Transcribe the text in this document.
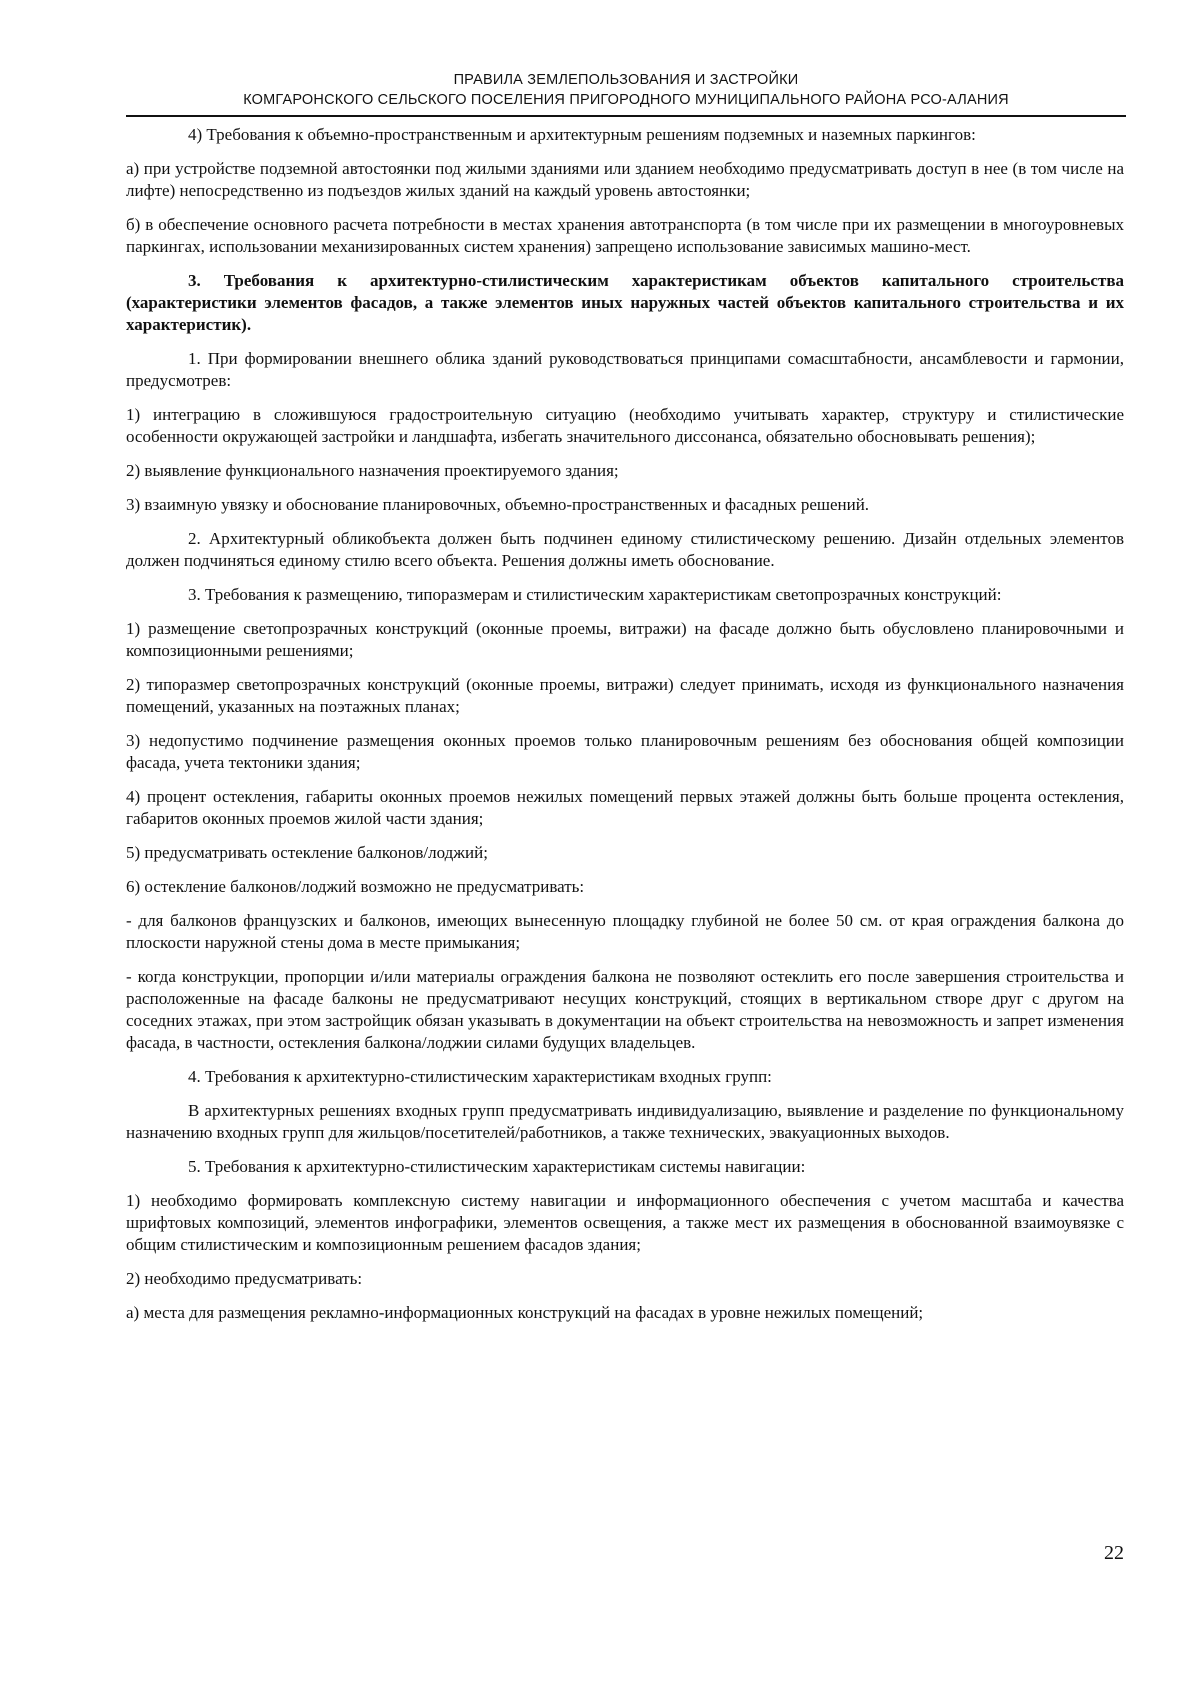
ПРАВИЛА ЗЕМЛЕПОЛЬЗОВАНИЯ И ЗАСТРОЙКИ
КОМГАРОНСКОГО СЕЛЬСКОГО ПОСЕЛЕНИЯ ПРИГОРОДНОГО МУНИЦИПАЛЬНОГО РАЙОНА РСО-АЛАНИЯ

4) Требования к объемно-пространственным и архитектурным решениям подземных и наземных паркингов:

а) при устройстве подземной автостоянки под жилыми зданиями или зданием необходимо предусматривать доступ в нее (в том числе на лифте) непосредственно из подъездов жилых зданий на каждый уровень автостоянки;

б) в обеспечение основного расчета потребности в местах хранения автотранспорта (в том числе при их размещении в многоуровневых паркингах, использовании механизированных систем хранения) запрещено использование зависимых машино-мест.

3. Требования к архитектурно-стилистическим характеристикам объектов капитального строительства (характеристики элементов фасадов, а также элементов иных наружных частей объектов капитального строительства и их характеристик).

1. При формировании внешнего облика зданий руководствоваться принципами сомасштабности, ансамблевости и гармонии, предусмотрев:

1) интеграцию в сложившуюся градостроительную ситуацию (необходимо учитывать характер, структуру и стилистические особенности окружающей застройки и ландшафта, избегать значительного диссонанса, обязательно обосновывать решения);

2) выявление функционального назначения проектируемого здания;

3) взаимную увязку и обоснование планировочных, объемно-пространственных и фасадных решений.

2. Архитектурный обликобъекта должен быть подчинен единому стилистическому решению. Дизайн отдельных элементов должен подчиняться единому стилю всего объекта. Решения должны иметь обоснование.

3. Требования к размещению, типоразмерам и стилистическим характеристикам светопрозрачных конструкций:

1) размещение светопрозрачных конструкций (оконные проемы, витражи) на фасаде должно быть обусловлено планировочными и композиционными решениями;

2) типоразмер светопрозрачных конструкций (оконные проемы, витражи) следует принимать, исходя из функционального назначения помещений, указанных на поэтажных планах;

3) недопустимо подчинение размещения оконных проемов только планировочным решениям без обоснования общей композиции фасада, учета тектоники здания;

4) процент остекления, габариты оконных проемов нежилых помещений первых этажей должны быть больше процента остекления, габаритов оконных проемов жилой части здания;

5) предусматривать остекление балконов/лоджий;

6) остекление балконов/лоджий возможно не предусматривать:

- для балконов французских и балконов, имеющих вынесенную площадку глубиной не более 50 см. от края ограждения балкона до плоскости наружной стены дома в месте примыкания;

- когда конструкции, пропорции и/или материалы ограждения балкона не позволяют остеклить его после завершения строительства и расположенные на фасаде балконы не предусматривают несущих конструкций, стоящих в вертикальном створе друг с другом на соседних этажах, при этом застройщик обязан указывать в документации на объект строительства на невозможность и запрет изменения фасада, в частности, остекления балкона/лоджии силами будущих владельцев.

4. Требования к архитектурно-стилистическим характеристикам входных групп:

В архитектурных решениях входных групп предусматривать индивидуализацию, выявление и разделение по функциональному назначению входных групп для жильцов/посетителей/работников, а также технических, эвакуационных выходов.

5. Требования к архитектурно-стилистическим характеристикам системы навигации:

1) необходимо формировать комплексную систему навигации и информационного обеспечения с учетом масштаба и качества шрифтовых композиций, элементов инфографики, элементов освещения, а также мест их размещения в обоснованной взаимоувязке с общим стилистическим и композиционным решением фасадов здания;

2) необходимо предусматривать:

а) места для размещения рекламно-информационных конструкций на фасадах в уровне нежилых помещений;

22
